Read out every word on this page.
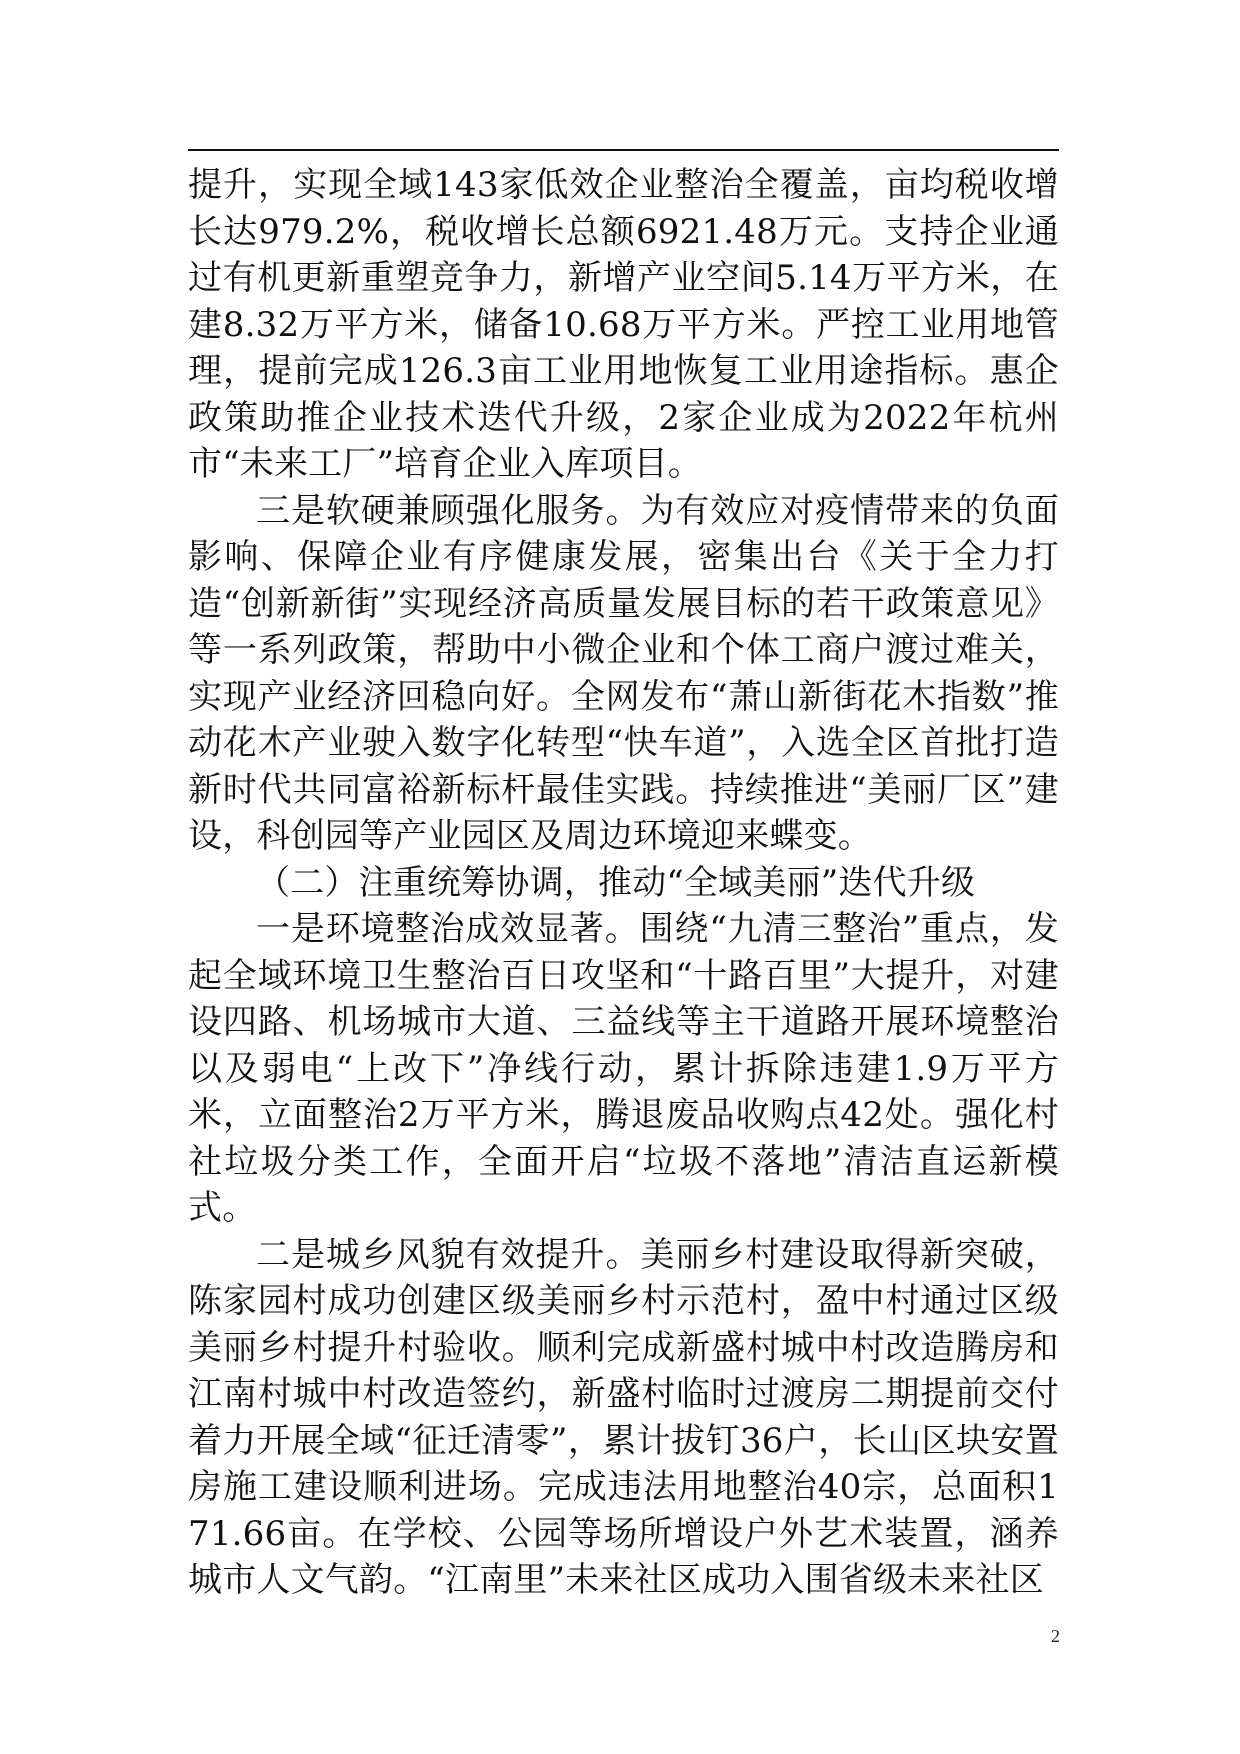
提升，实现全域143家低效企业整治全覆盖，亩均税收增长达979.2%，税收增长总额6921.48万元。支持企业通过有机更新重塑竞争力，新增产业空间5.14万平方米，在建8.32万平方米，储备10.68万平方米。严控工业用地管理，提前完成126.3亩工业用地恢复工业用途指标。惠企政策助推企业技术迭代升级，2家企业成为2022年杭州市“未来工厂”培育企业入库项目。

三是软硬兼顾强化服务。为有效应对疫情带来的负面影响、保障企业有序健康发展，密集出台《关于全力打造“创新新街”实现经济高质量发展目标的若干政策意见》等一系列政策，帮助中小微企业和个体工商户渡过难关，实现产业经济回稳向好。全网发布“萧山新街花木指数”推动花木产业驶入数字化转型“快车道”，入选全区首批打造新时代共同富裕新标杆最佳实践。持续推进“美丽厂区”建设，科创园等产业园区及周边环境迎来蝶变。

（二）注重统筹协调，推动“全域美丽”迭代升级

一是环境整治成效显著。围绕“九清三整治”重点，发起全域环境卫生整治百日攻坚和“十路百里”大提升，对建设四路、机场城市大道、三益线等主干道路开展环境整治以及弱电“上改下”净线行动，累计拆除违建1.9万平方米，立面整治2万平方米，腾退废品收购点42处。强化村社垃圾分类工作，全面开启“垃圾不落地”清洁直运新模式。

二是城乡风貌有效提升。美丽乡村建设取得新突破，陈家园村成功创建区级美丽乡村示范村，盈中村通过区级美丽乡村提升村验收。顺利完成新盛村城中村改造腾房和江南村城中村改造签约，新盛村临时过渡房二期提前交付着力开展全域“征迁清零”，累计拔钉36户，长山区块安置房施工建设顺利进场。完成违法用地整治40宗，总面积171.66亩。在学校、公园等场所增设户外艺术装置，涵养城市人文气韵。“江南里”未来社区成功入围省级未来社区

2
